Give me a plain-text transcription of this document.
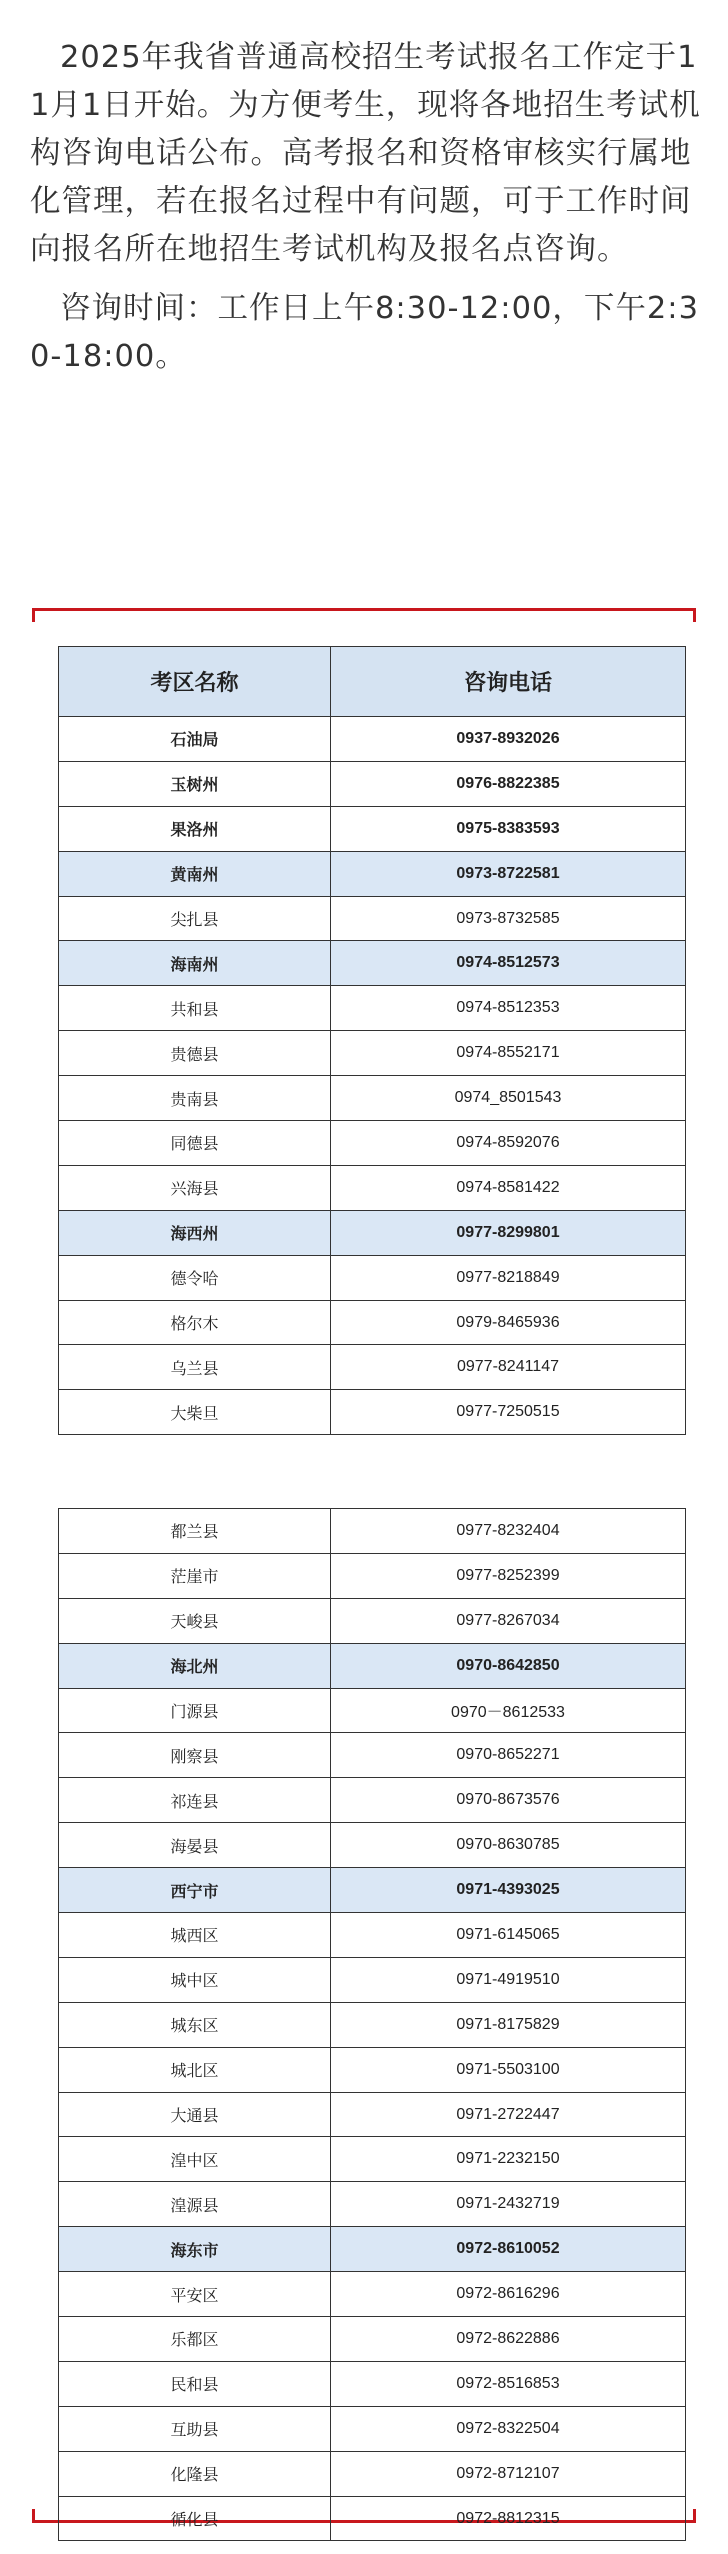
2025年我省普通高校招生考试报名工作定于11月1日开始。为方便考生，现将各地招生考试机构咨询电话公布。高考报名和资格审核实行属地化管理，若在报名过程中有问题，可于工作时间向报名所在地招生考试机构及报名点咨询。

咨询时间：工作日上午8:30-12:00，下午2:30-18:00。

考区名称	咨询电话
石油局	0937-8932026
玉树州	0976-8822385
果洛州	0975-8383593
黄南州	0973-8722581
尖扎县	0973-8732585
海南州	0974-8512573
共和县	0974-8512353
贵德县	0974-8552171
贵南县	0974_8501543
同德县	0974-8592076
兴海县	0974-8581422
海西州	0977-8299801
德令哈	0977-8218849
格尔木	0979-8465936
乌兰县	0977-8241147
大柴旦	0977-7250515
都兰县	0977-8232404
茫崖市	0977-8252399
天峻县	0977-8267034
海北州	0970-8642850
门源县	0970－8612533
刚察县	0970-8652271
祁连县	0970-8673576
海晏县	0970-8630785
西宁市	0971-4393025
城西区	0971-6145065
城中区	0971-4919510
城东区	0971-8175829
城北区	0971-5503100
大通县	0971-2722447
湟中区	0971-2232150
湟源县	0971-2432719
海东市	0972-8610052
平安区	0972-8616296
乐都区	0972-8622886
民和县	0972-8516853
互助县	0972-8322504
化隆县	0972-8712107
循化县	0972-8812315
